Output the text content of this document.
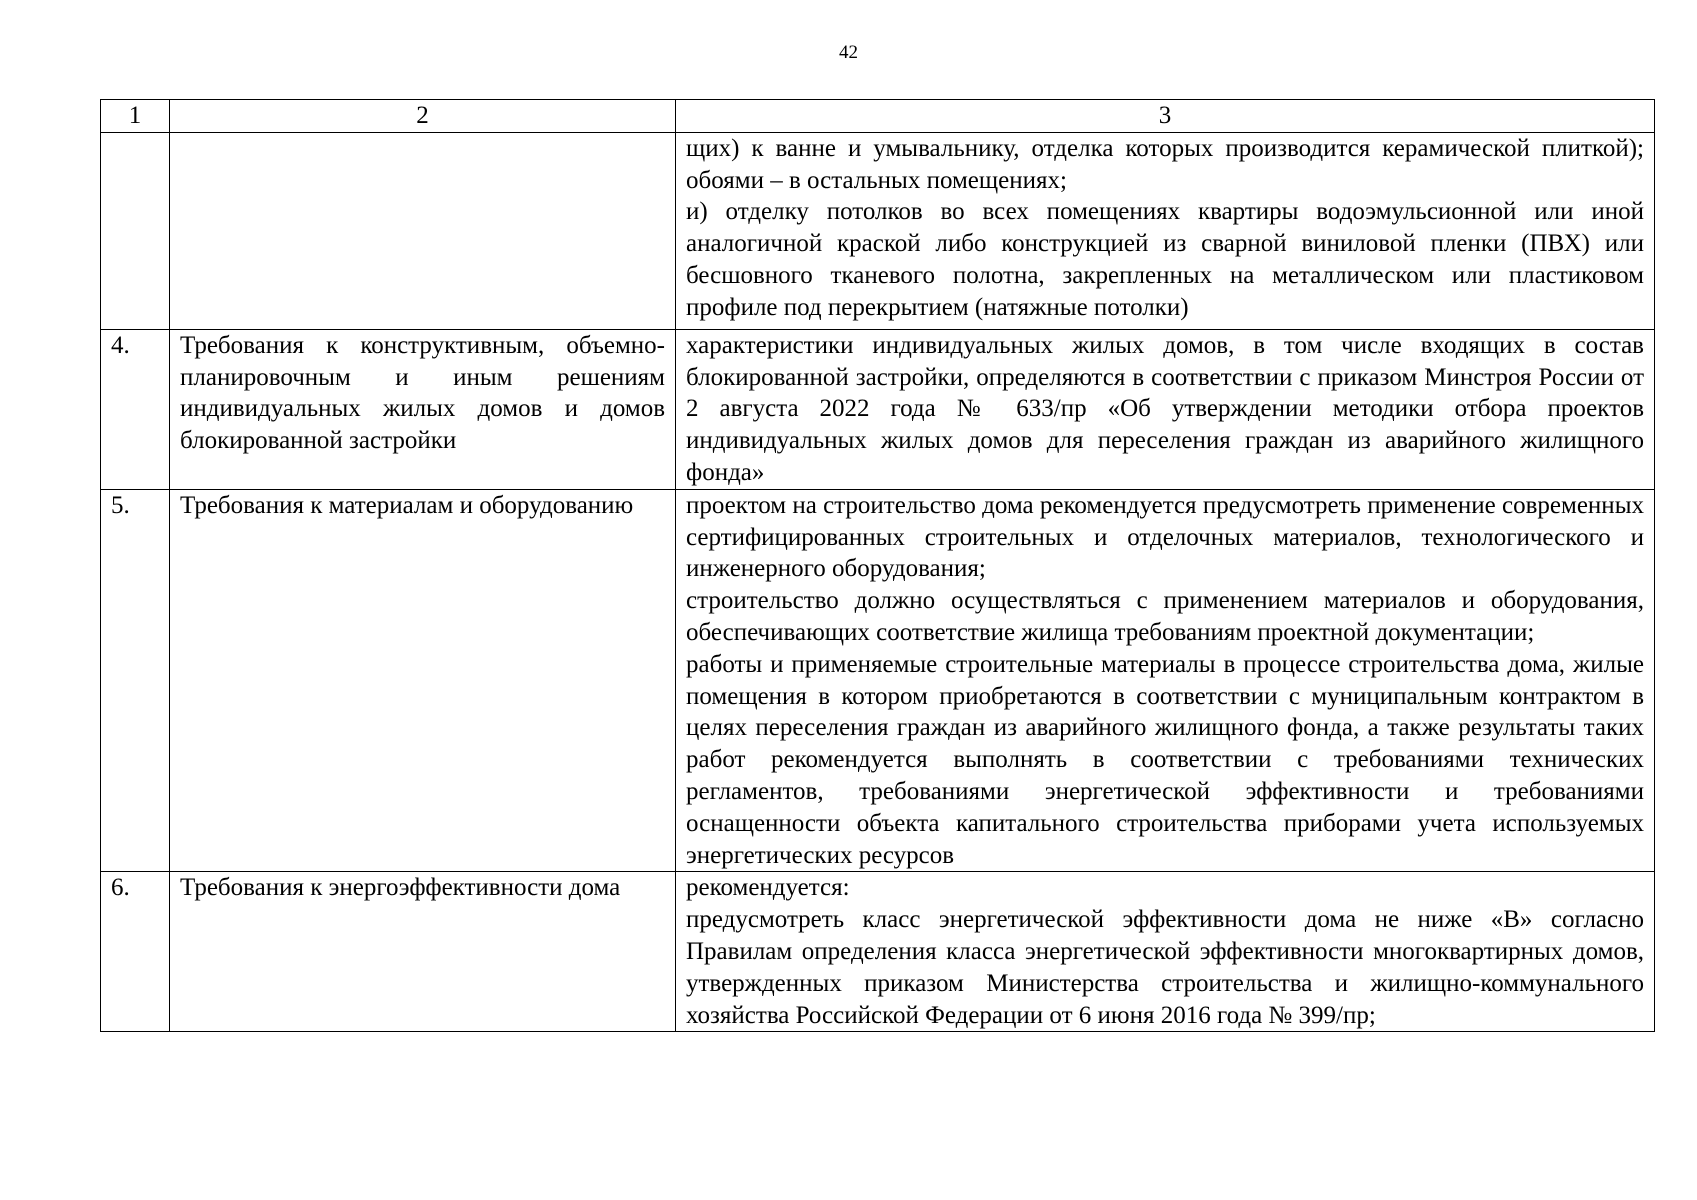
42
1	2	3

		щих) к ванне и умывальнику, отделка которых производится керамической плиткой); обоями – в остальных помещениях;
и) отделку потолков во всех помещениях квартиры водоэмульсионной или иной аналогичной краской либо конструкцией из сварной виниловой пленки (ПВХ) или бесшовного тканевого полотна, закрепленных на металлическом или пластиковом профиле под перекрытием (натяжные потолки)

4.	Требования к конструктивным, объемно-планировочным и иным решениям индивидуальных жилых домов и домов блокированной застройки	характеристики индивидуальных жилых домов, в том числе входящих в состав блокированной застройки, определяются в соответствии с приказом Минстроя России от 2 августа 2022 года № 633/пр «Об утверждении методики отбора проектов индивидуальных жилых домов для переселения граждан из аварийного жилищного фонда»

5.	Требования к материалам и оборудованию	проектом на строительство дома рекомендуется предусмотреть применение современных сертифицированных строительных и отделочных материалов, технологического и инженерного оборудования;
строительство должно осуществляться с применением материалов и оборудования, обеспечивающих соответствие жилища требованиям проектной документации;
работы и применяемые строительные материалы в процессе строительства дома, жилые помещения в котором приобретаются в соответствии с муниципальным контрактом в целях переселения граждан из аварийного жилищного фонда, а также результаты таких работ рекомендуется выполнять в соответствии с требованиями технических регламентов, требованиями энергетической эффективности и требованиями оснащенности объекта капитального строительства приборами учета используемых энергетических ресурсов

6.	Требования к энергоэффективности дома	рекомендуется:
предусмотреть класс энергетической эффективности дома не ниже «В» согласно Правилам определения класса энергетической эффективности многоквартирных домов, утвержденных приказом Министерства строительства и жилищно-коммунального хозяйства Российской Федерации от 6 июня 2016 года № 399/пр;
